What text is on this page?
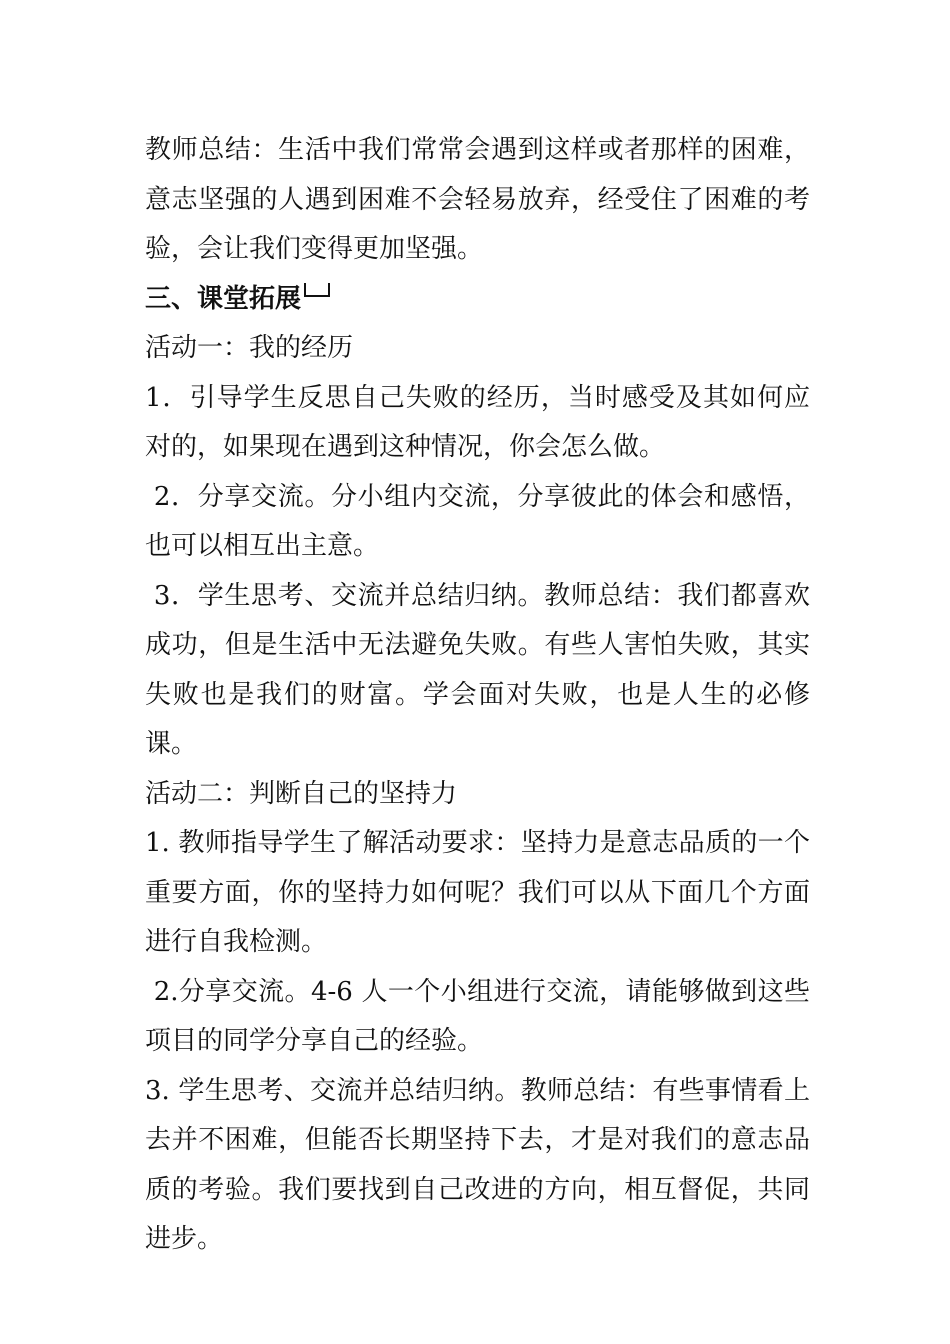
教师总结：生活中我们常常会遇到这样或者那样的困难，意志坚强的人遇到困难不会轻易放弃，经受住了困难的考验，会让我们变得更加坚强。

三、课堂拓展

活动一：我的经历

1．引导学生反思自己失败的经历，当时感受及其如何应对的，如果现在遇到这种情况，你会怎么做。

2．分享交流。分小组内交流，分享彼此的体会和感悟，也可以相互出主意。

3．学生思考、交流并总结归纳。教师总结：我们都喜欢成功，但是生活中无法避免失败。有些人害怕失败，其实失败也是我们的财富。学会面对失败，也是人生的必修课。

活动二：判断自己的坚持力

1. 教师指导学生了解活动要求：坚持力是意志品质的一个重要方面，你的坚持力如何呢？我们可以从下面几个方面进行自我检测。

2.分享交流。4-6 人一个小组进行交流，请能够做到这些项目的同学分享自己的经验。

3. 学生思考、交流并总结归纳。教师总结：有些事情看上去并不困难，但能否长期坚持下去，才是对我们的意志品质的考验。我们要找到自己改进的方向，相互督促，共同进步。
